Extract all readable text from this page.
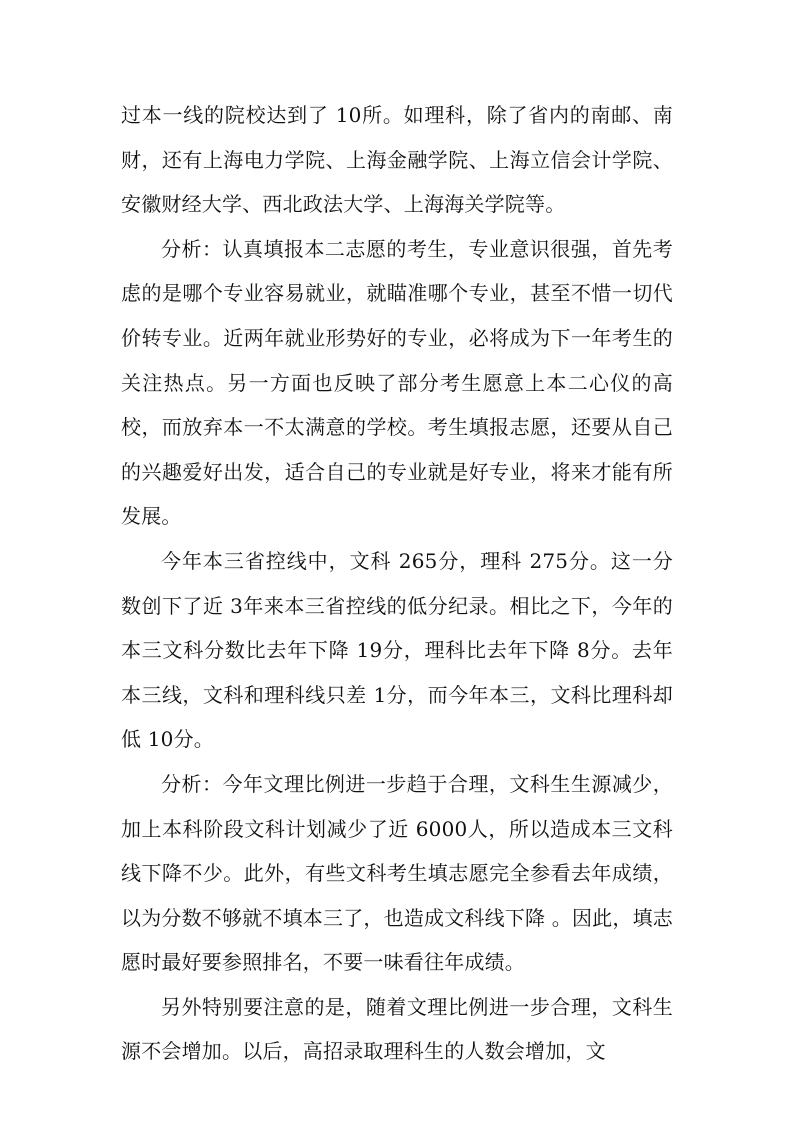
过本一线的院校达到了 10所。如理科，除了省内的南邮、南财，还有上海电力学院、上海金融学院、上海立信会计学院、安徽财经大学、西北政法大学、上海海关学院等。

分析：认真填报本二志愿的考生，专业意识很强，首先考虑的是哪个专业容易就业，就瞄准哪个专业，甚至不惜一切代价转专业。近两年就业形势好的专业，必将成为下一年考生的关注热点。另一方面也反映了部分考生愿意上本二心仪的高校，而放弃本一不太满意的学校。考生填报志愿，还要从自己的兴趣爱好出发，适合自己的专业就是好专业，将来才能有所发展。

今年本三省控线中，文科 265分，理科 275分。这一分数创下了近 3年来本三省控线的低分纪录。相比之下，今年的本三文科分数比去年下降 19分，理科比去年下降 8分。去年本三线，文科和理科线只差 1分，而今年本三，文科比理科却低 10分。

分析：今年文理比例进一步趋于合理，文科生生源减少，加上本科阶段文科计划减少了近 6000人，所以造成本三文科线下降不少。此外，有些文科考生填志愿完全参看去年成绩，以为分数不够就不填本三了，也造成文科线下降 。因此，填志愿时最好要参照排名，不要一味看往年成绩。

另外特别要注意的是，随着文理比例进一步合理，文科生源不会增加。以后，高招录取理科生的人数会增加，文
